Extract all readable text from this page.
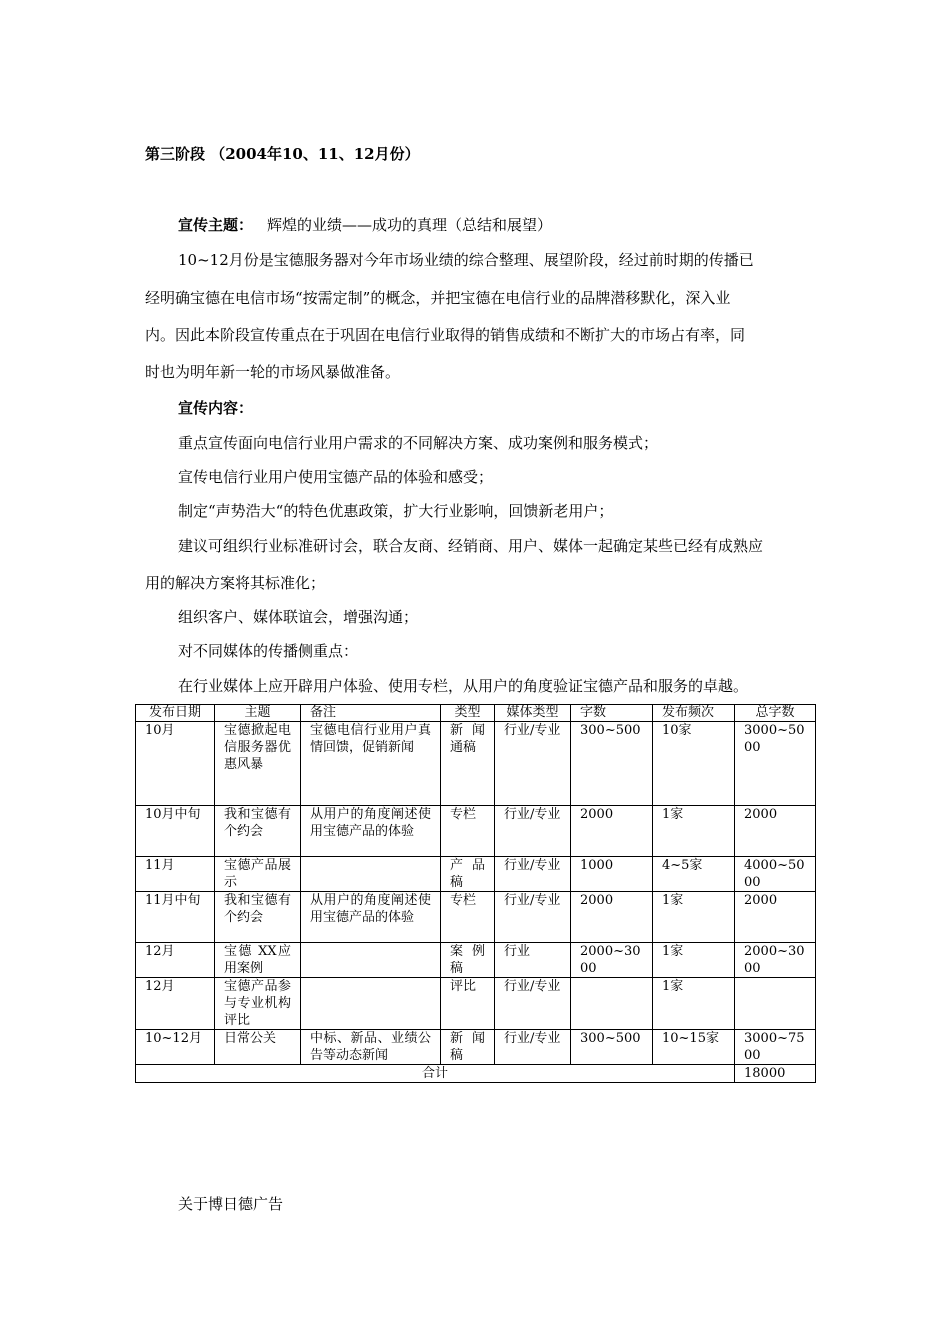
第三阶段 （2004年10、11、12月份）
宣传主题： 辉煌的业绩——成功的真理（总结和展望）
10~12月份是宝德服务器对今年市场业绩的综合整理、展望阶段，经过前时期的传播已
经明确宝德在电信市场“按需定制”的概念，并把宝德在电信行业的品牌潜移默化，深入业
内。因此本阶段宣传重点在于巩固在电信行业取得的销售成绩和不断扩大的市场占有率，同
时也为明年新一轮的市场风暴做准备。
宣传内容：
重点宣传面向电信行业用户需求的不同解决方案、成功案例和服务模式；
宣传电信行业用户使用宝德产品的体验和感受；
制定“声势浩大“的特色优惠政策，扩大行业影响，回馈新老用户；
建议可组织行业标准研讨会，联合友商、经销商、用户、媒体一起确定某些已经有成熟应
用的解决方案将其标准化；
组织客户、媒体联谊会，增强沟通；
对不同媒体的传播侧重点：
在行业媒体上应开辟用户体验、使用专栏，从用户的角度验证宝德产品和服务的卓越。
发布日期	主题	备注	类型	媒体类型	字数	发布频次	总字数
10月	宝德掀起电信服务器优惠风暴	宝德电信行业用户真情回馈，促销新闻	新闻通稿	行业/专业	300~500	10家	3000~5000
10月中旬	我和宝德有个约会	从用户的角度阐述使用宝德产品的体验	专栏	行业/专业	2000	1家	2000
11月	宝德产品展示		产品稿	行业/专业	1000	4~5家	4000~5000
11月中旬	我和宝德有个约会	从用户的角度阐述使用宝德产品的体验	专栏	行业/专业	2000	1家	2000
12月	宝德 XX应用案例		案例稿	行业	2000~3000	1家	2000~3000
12月	宝德产品参与专业机构评比		评比	行业/专业		1家	
10~12月	日常公关	中标、新品、业绩公告等动态新闻	新闻稿	行业/专业	300~500	10~15家	3000~7500
合计							18000
关于博日德广告
